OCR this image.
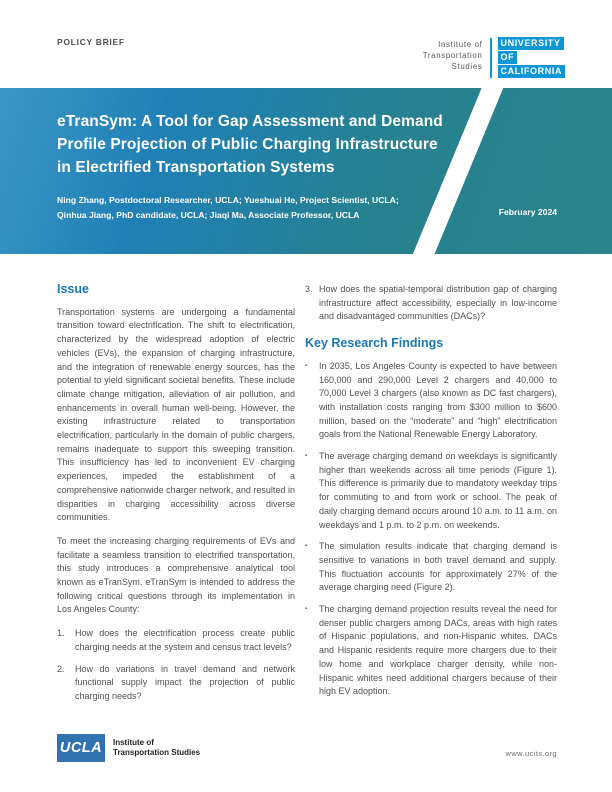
POLICY BRIEF	Institute of
Transportation
Studies
UNIVERSITY
OF
CALIFORNIA
eTranSym: A Tool for Gap Assessment and Demand
Profile Projection of Public Charging Infrastructure
in Electrified Transportation Systems
Ning Zhang, Postdoctoral Researcher, UCLA; Yueshuai He, Project Scientist, UCLA;
Qinhua Jiang, PhD candidate, UCLA; Jiaqi Ma, Associate Professor, UCLA	February 2024
Issue

Transportation systems are undergoing a fundamental transition toward electrification. The shift to electrification, characterized by the widespread adoption of electric vehicles (EVs), the expansion of charging infrastructure, and the integration of renewable energy sources, has the potential to yield significant societal benefits. These include climate change mitigation, alleviation of air pollution, and enhancements in overall human well-being. However, the existing infrastructure related to transportation electrification, particularly in the domain of public chargers, remains inadequate to support this sweeping transition. This insufficiency has led to inconvenient EV charging experiences, impeded the establishment of a comprehensive nationwide charger network, and resulted in disparities in charging accessibility across diverse communities.

To meet the increasing charging requirements of EVs and facilitate a seamless transition to electrified transportation, this study introduces a comprehensive analytical tool known as eTranSym. eTranSym is intended to address the following critical questions through its implementation in Los Angeles County:

1.	How does the electrification process create public charging needs at the system and census tract levels?
2.	How do variations in travel demand and network functional supply impact the projection of public charging needs?
3. How does the spatial-temporal distribution gap of charging infrastructure affect accessibility, especially in low-income and disadvantaged communities (DACs)?
Key Research Findings
▪	In 2035, Los Angeles County is expected to have between 160,000 and 290,000 Level 2 chargers and 40,000 to 70,000 Level 3 chargers (also known as DC fast chargers), with installation costs ranging from $300 million to $600 million, based on the “moderate” and “high” electrification goals from the National Renewable Energy Laboratory.
▪	The average charging demand on weekdays is significantly higher than weekends across all time periods (Figure 1). This difference is primarily due to mandatory weekday trips for commuting to and from work or school. The peak of daily charging demand occurs around 10 a.m. to 11 a.m. on weekdays and 1 p.m. to 2 p.m. on weekends.
▪	The simulation results indicate that charging demand is sensitive to variations in both travel demand and supply. This fluctuation accounts for approximately 27% of the average charging need (Figure 2).
▪	The charging demand projection results reveal the need for denser public chargers among DACs, areas with high rates of Hispanic populations, and non-Hispanic whites. DACs and Hispanic residents require more chargers due to their low home and workplace charger density, while non-Hispanic whites need additional chargers because of their high EV adoption.
UCLA	Institute of
Transportation Studies	www.ucits.org
